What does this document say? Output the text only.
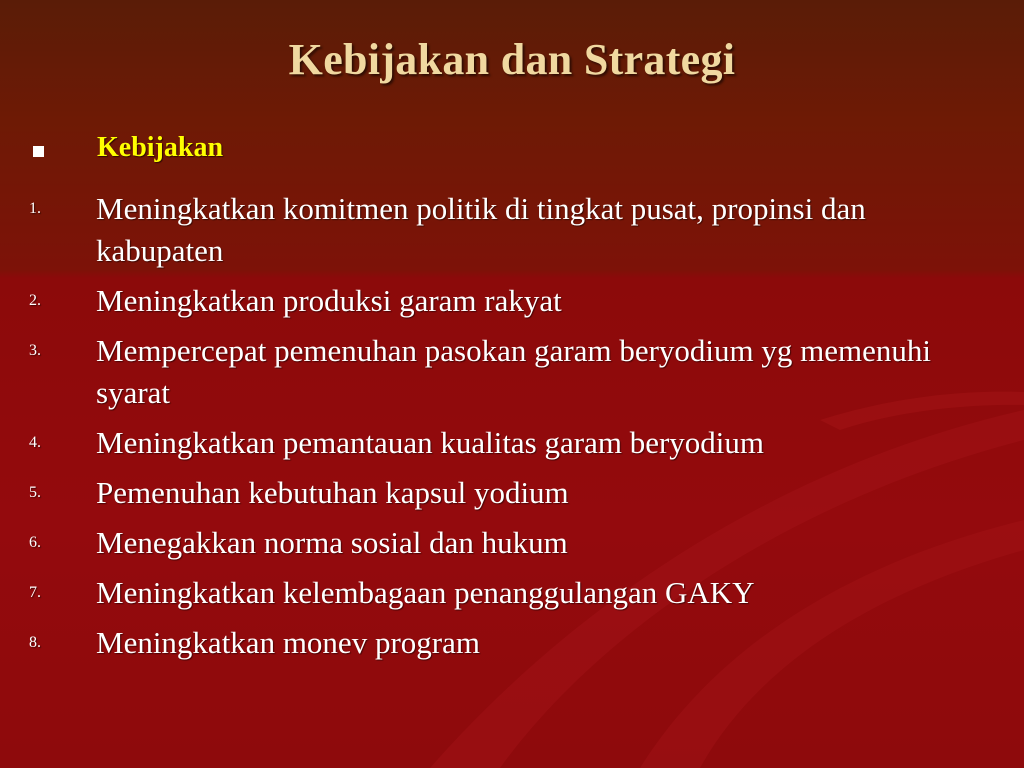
Kebijakan dan Strategi
Kebijakan
1. Meningkatkan komitmen politik di tingkat pusat, propinsi dan kabupaten
2. Meningkatkan produksi garam rakyat
3. Mempercepat pemenuhan pasokan garam beryodium yg memenuhi syarat
4. Meningkatkan pemantauan kualitas garam beryodium
5. Pemenuhan kebutuhan kapsul yodium
6. Menegakkan norma sosial dan hukum
7. Meningkatkan kelembagaan penanggulangan GAKY
8. Meningkatkan monev program
